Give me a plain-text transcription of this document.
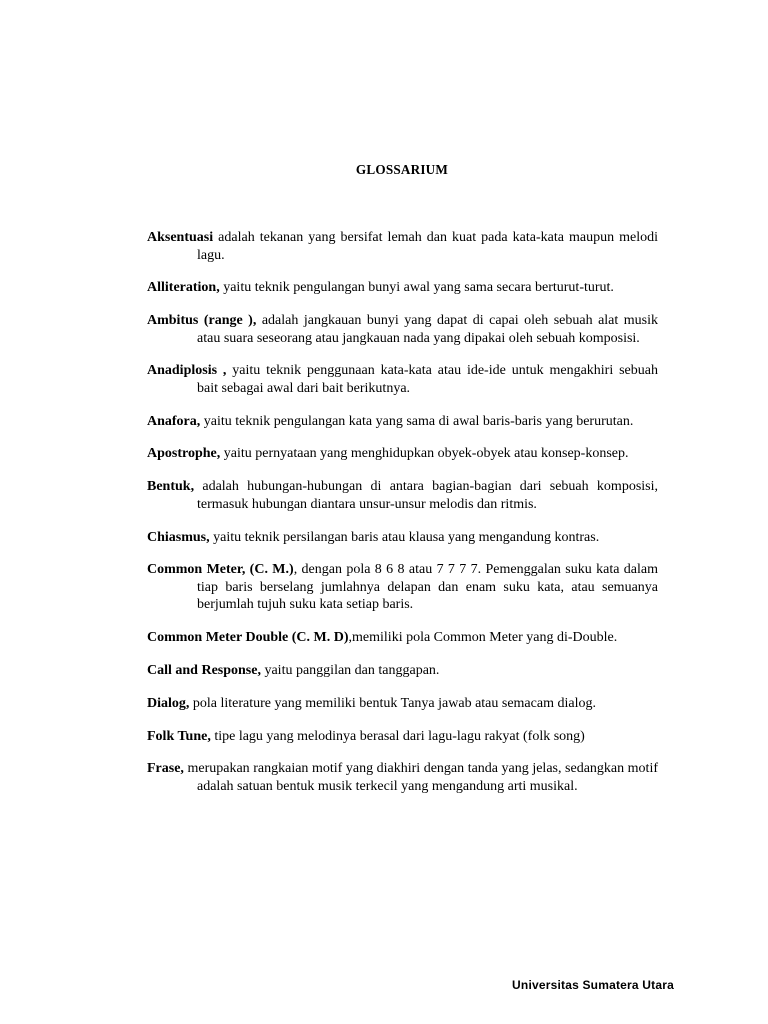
GLOSSARIUM

Aksentuasi adalah tekanan yang bersifat lemah dan kuat pada kata-kata maupun melodi lagu.

Alliteration, yaitu teknik pengulangan bunyi awal yang sama secara berturut-turut.

Ambitus (range ), adalah jangkauan bunyi yang dapat di capai oleh sebuah alat musik atau suara seseorang atau jangkauan nada yang dipakai oleh sebuah komposisi.

Anadiplosis , yaitu teknik penggunaan kata-kata atau ide-ide untuk mengakhiri sebuah bait sebagai awal dari bait berikutnya.

Anafora, yaitu teknik pengulangan kata yang sama di awal baris-baris yang berurutan.

Apostrophe, yaitu pernyataan yang menghidupkan obyek-obyek atau konsep-konsep.

Bentuk, adalah hubungan-hubungan di antara bagian-bagian dari sebuah komposisi, termasuk hubungan diantara unsur-unsur melodis dan ritmis.

Chiasmus, yaitu teknik persilangan baris atau klausa yang mengandung kontras.

Common Meter, (C. M.), dengan pola 8 6 8 atau 7 7 7 7. Pemenggalan suku kata dalam tiap baris berselang jumlahnya delapan dan enam suku kata, atau semuanya berjumlah tujuh suku kata setiap baris.

Common Meter Double (C. M. D),memiliki pola Common Meter yang di-Double.

Call and Response, yaitu panggilan dan tanggapan.

Dialog, pola literature yang memiliki bentuk Tanya jawab atau semacam dialog.

Folk Tune, tipe lagu yang melodinya berasal dari lagu-lagu rakyat (folk song)

Frase, merupakan rangkaian motif yang diakhiri dengan tanda yang jelas, sedangkan motif adalah satuan bentuk musik terkecil yang mengandung arti musikal.

Universitas Sumatera Utara
